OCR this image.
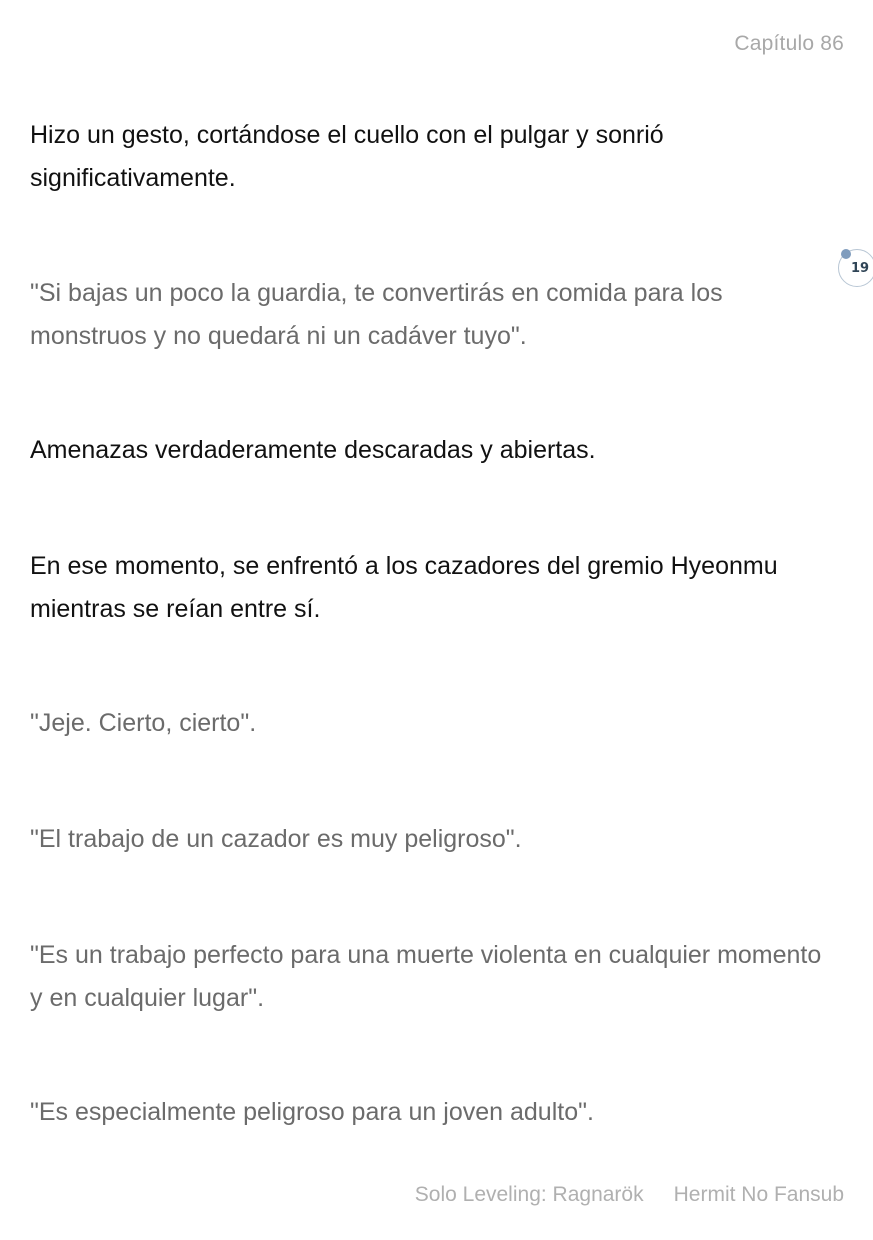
Capítulo 86
19

Hizo un gesto, cortándose el cuello con el pulgar y sonrió significativamente.

"Si bajas un poco la guardia, te convertirás en comida para los monstruos y no quedará ni un cadáver tuyo".

Amenazas verdaderamente descaradas y abiertas.

En ese momento, se enfrentó a los cazadores del gremio Hyeonmu mientras se reían entre sí.

"Jeje. Cierto, cierto".

"El trabajo de un cazador es muy peligroso".

"Es un trabajo perfecto para una muerte violenta en cualquier momento y en cualquier lugar".

"Es especialmente peligroso para un joven adulto".

Solo Leveling: Ragnarök Hermit No Fansub
